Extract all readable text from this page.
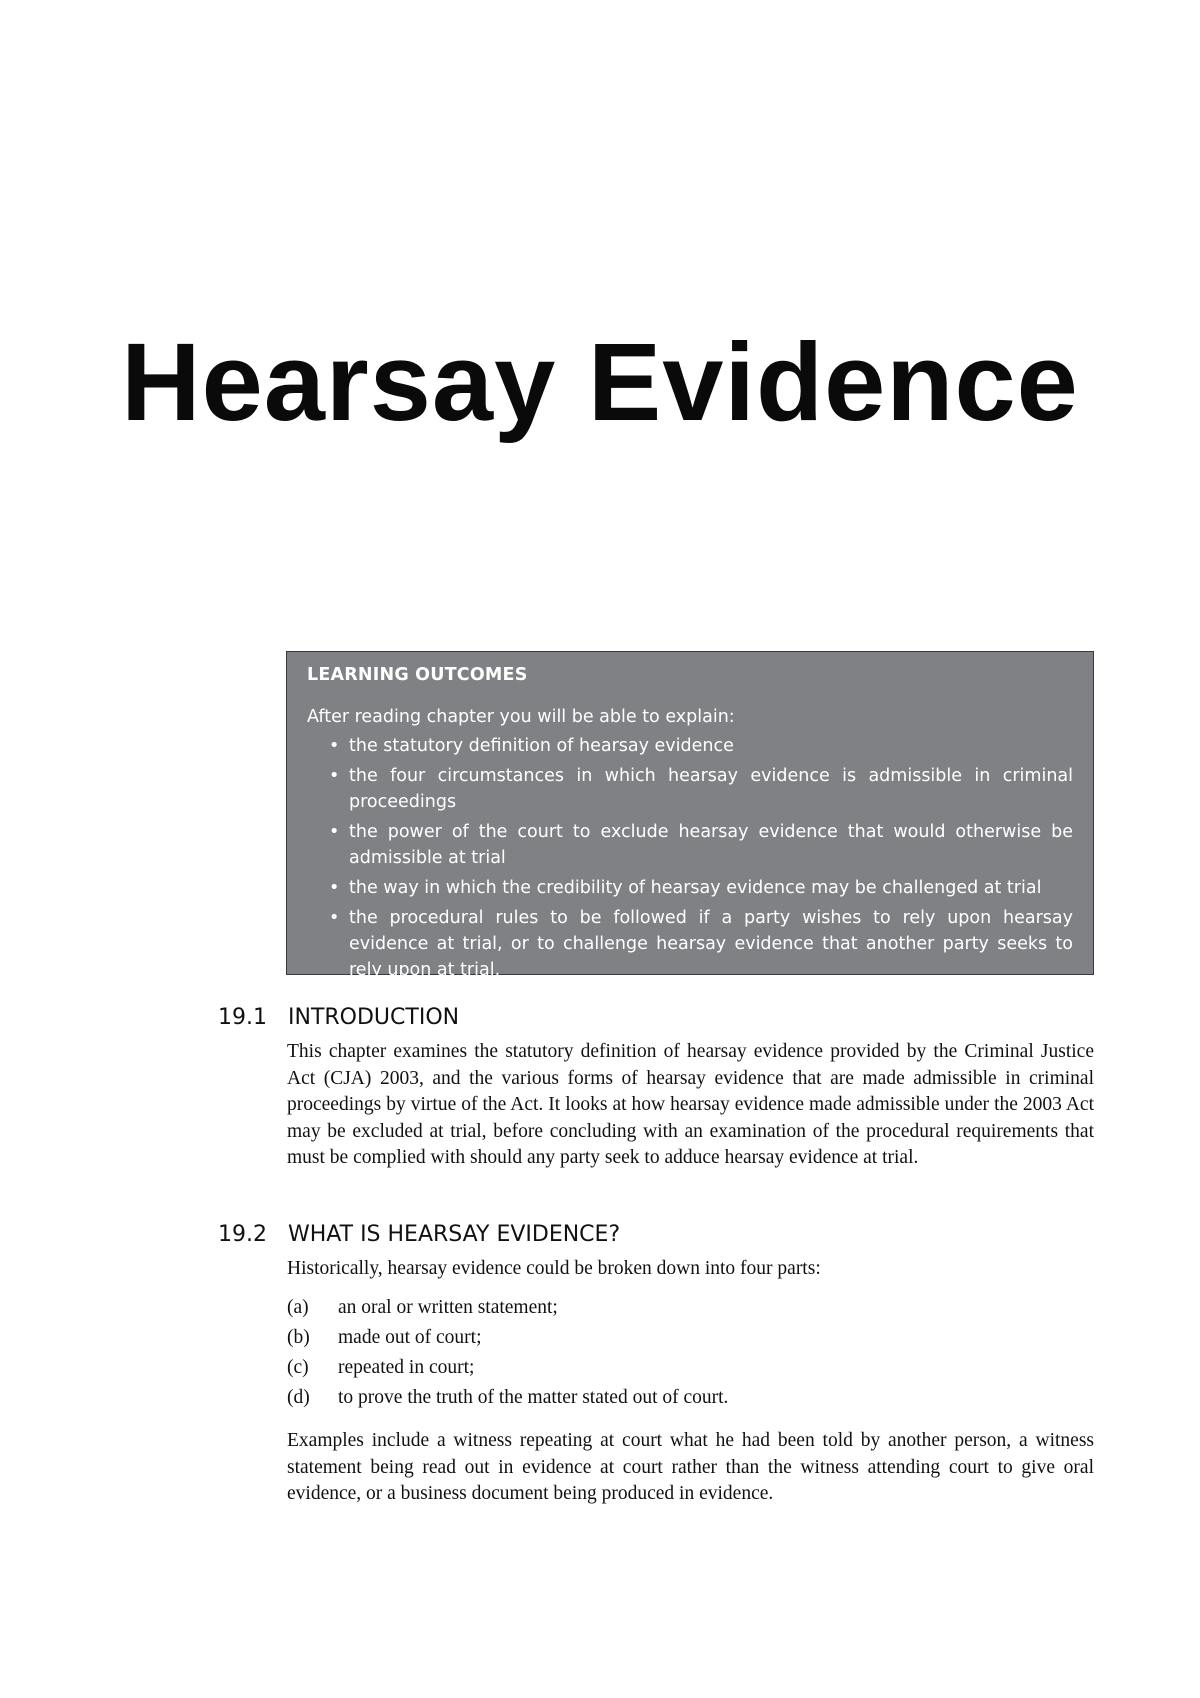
Hearsay Evidence

LEARNING OUTCOMES

After reading chapter you will be able to explain:

• the statutory definition of hearsay evidence
• the four circumstances in which hearsay evidence is admissible in criminal proceedings
• the power of the court to exclude hearsay evidence that would otherwise be admissible at trial
• the way in which the credibility of hearsay evidence may be challenged at trial
• the procedural rules to be followed if a party wishes to rely upon hearsay evidence at trial, or to challenge hearsay evidence that another party seeks to rely upon at trial.
19.1 INTRODUCTION

This chapter examines the statutory definition of hearsay evidence provided by the Criminal Justice Act (CJA) 2003, and the various forms of hearsay evidence that are made admissible in criminal proceedings by virtue of the Act. It looks at how hearsay evidence made admissible under the 2003 Act may be excluded at trial, before concluding with an examination of the procedural requirements that must be complied with should any party seek to adduce hearsay evidence at trial.

19.2 WHAT IS HEARSAY EVIDENCE?

Historically, hearsay evidence could be broken down into four parts:

(a) an oral or written statement;
(b) made out of court;
(c) repeated in court;
(d) to prove the truth of the matter stated out of court.

Examples include a witness repeating at court what he had been told by another person, a witness statement being read out in evidence at court rather than the witness attending court to give oral evidence, or a business document being produced in evidence.
